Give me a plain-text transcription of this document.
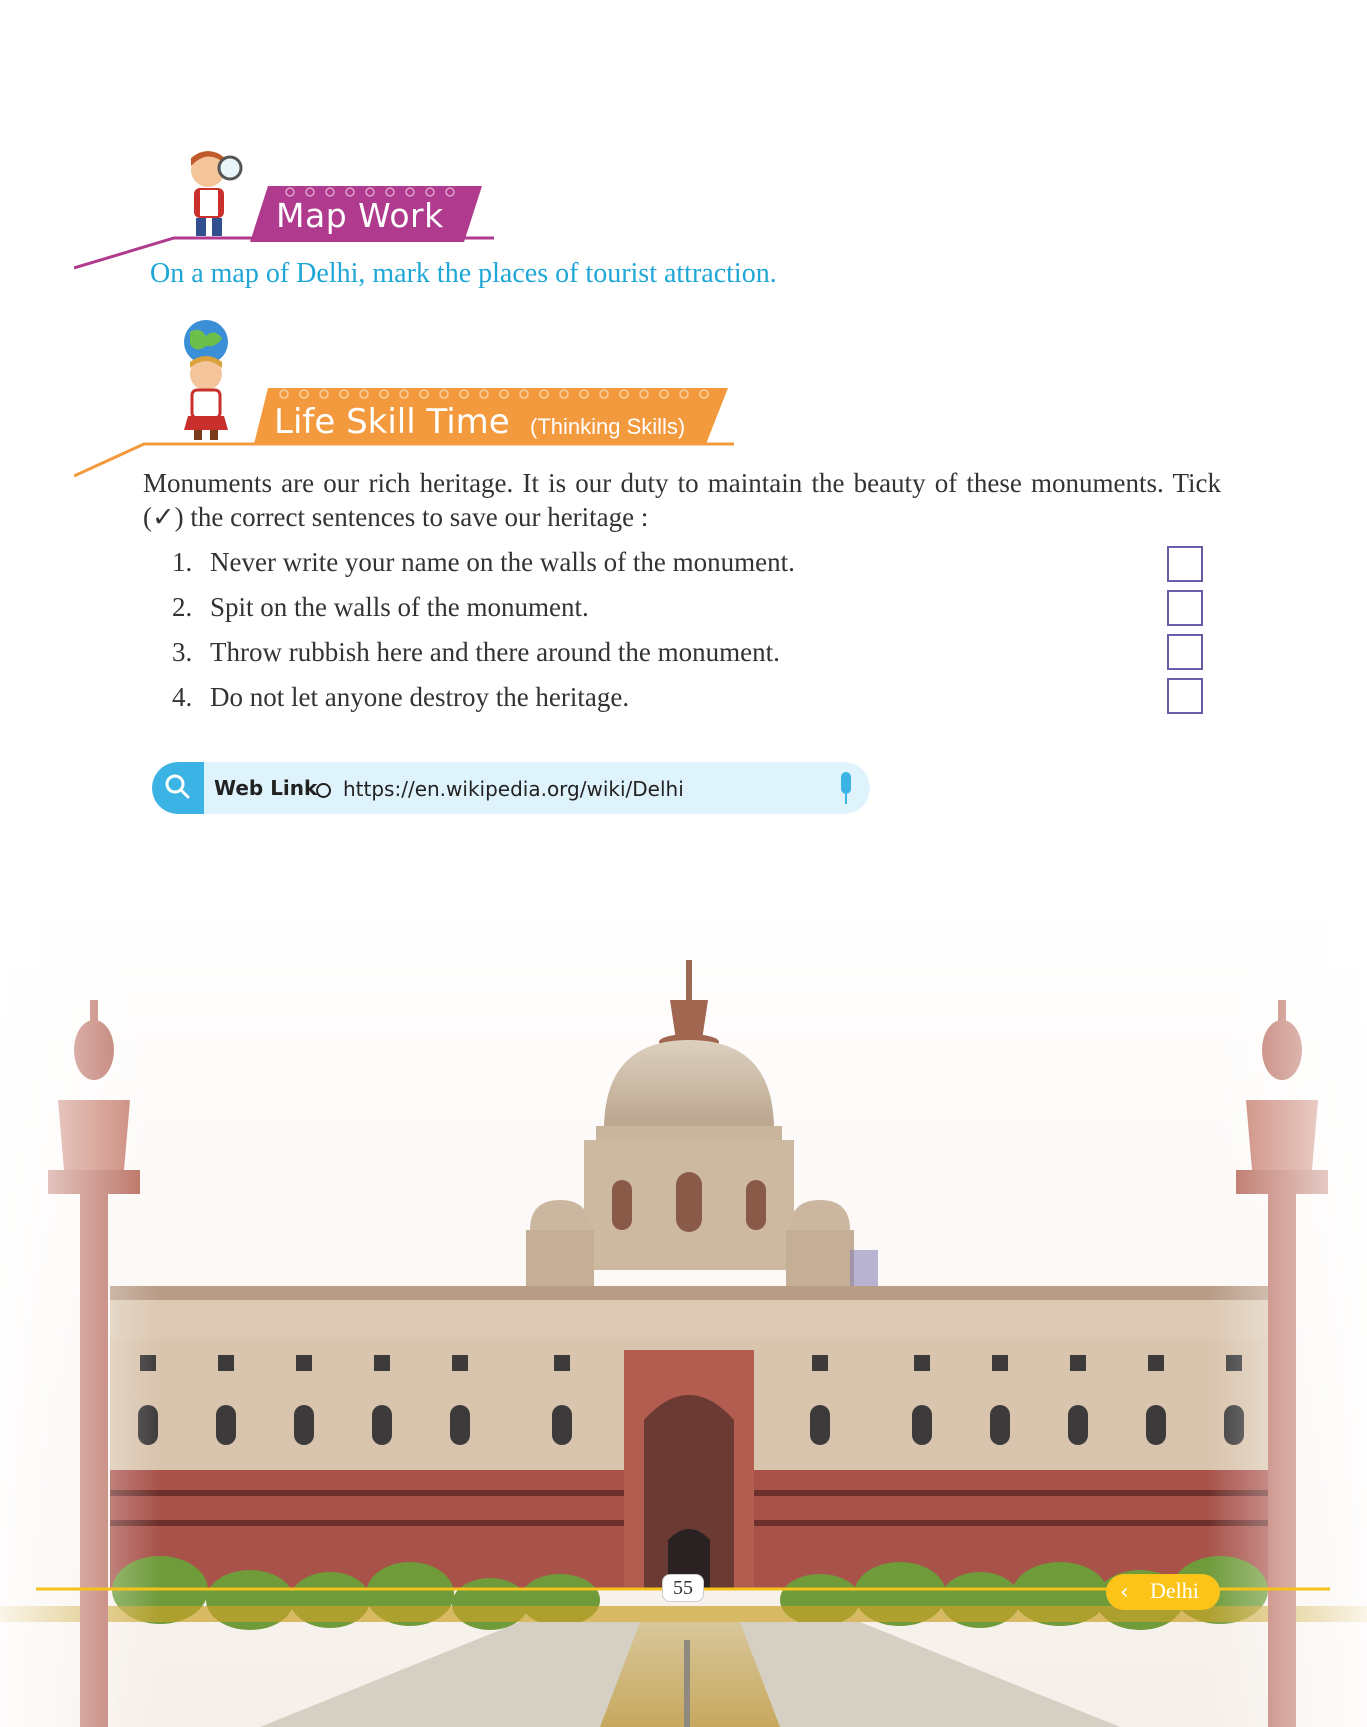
Map Work
On a map of Delhi, mark the places of tourist attraction.
Life Skill Time (Thinking Skills)
Monuments are our rich heritage. It is our duty to maintain the beauty of these monuments. Tick (✓) the correct sentences to save our heritage :
1. Never write your name on the walls of the monument.
2. Spit on the walls of the monument.
3. Throw rubbish here and there around the monument.
4. Do not let anyone destroy the heritage.
Web Link https://en.wikipedia.org/wiki/Delhi
55	‹ Delhi
